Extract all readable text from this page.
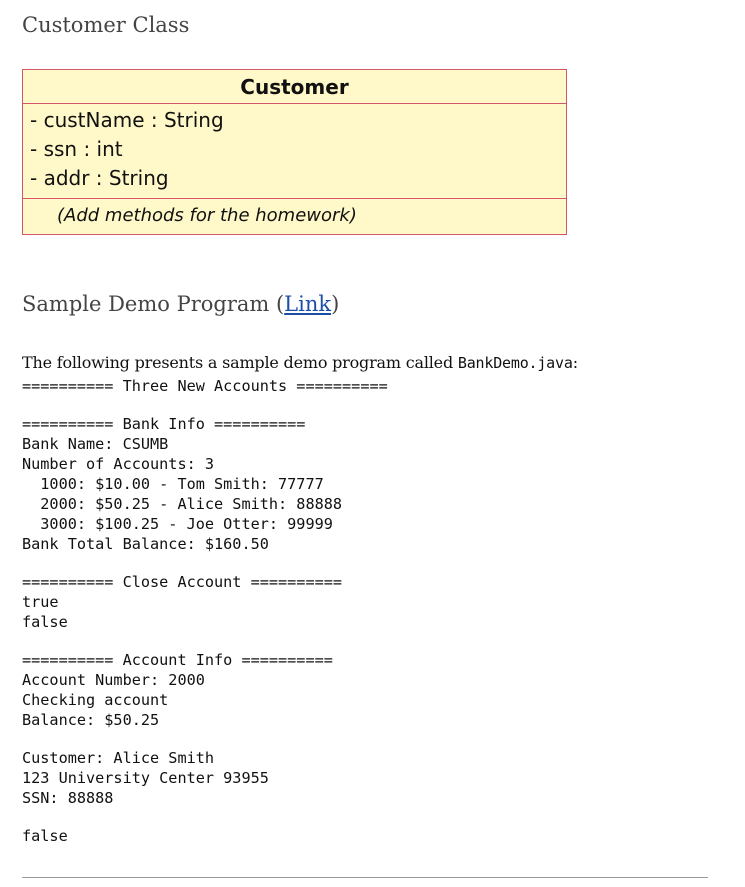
Customer Class
Customer
- custName : String
- ssn : int
- addr : String
(Add methods for the homework)
Sample Demo Program (Link)
The following presents a sample demo program called BankDemo.java:
========== Three New Accounts ==========
========== Bank Info ==========
Bank Name: CSUMB
Number of Accounts: 3
1000: $10.00 - Tom Smith: 77777
2000: $50.25 - Alice Smith: 88888
3000: $100.25 - Joe Otter: 99999
Bank Total Balance: $160.50
========== Close Account ==========
true
false
========== Account Info ==========
Account Number: 2000
Checking account
Balance: $50.25
Customer: Alice Smith
123 University Center 93955
SSN: 88888
false
